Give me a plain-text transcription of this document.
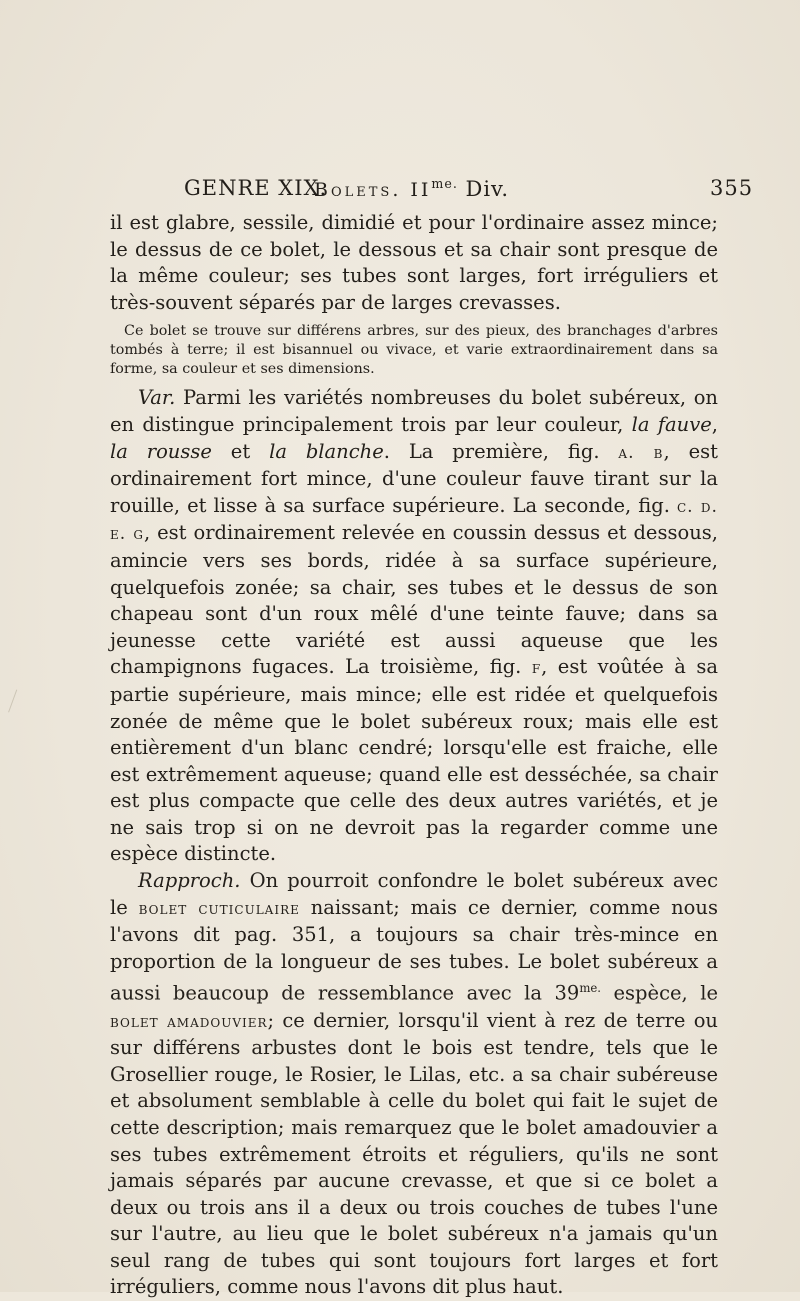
GENRE XIX.
Bolets. $II^{me.}$ Div.	355

il est glabre, sessile, dimidié et pour l'ordinaire assez mince; le dessus de ce bolet, le dessous et sa chair sont presque de la même couleur; ses tubes sont larges, fort irréguliers et très-souvent séparés par de larges crevasses.

Ce bolet se trouve sur différens arbres, sur des pieux, des branchages d'arbres tombés à terre; il est bisannuel ou vivace, et varie extraordinairement dans sa forme, sa couleur et ses dimensions.

Var. Parmi les variétés nombreuses du bolet subéreux, on en distingue principalement trois par leur couleur, la fauve, la rousse et la blanche. La première, fig. a. b, est ordinairement fort mince, d'une couleur fauve tirant sur la rouille, et lisse à sa surface supérieure. La seconde, fig. c. d. e. g, est ordinairement relevée en coussin dessus et dessous, amincie vers ses bords, ridée à sa surface supérieure, quelquefois zonée; sa chair, ses tubes et le dessus de son chapeau sont d'un roux mêlé d'une teinte fauve; dans sa jeunesse cette variété est aussi aqueuse que les champignons fugaces. La troisième, fig. f, est voûtée à sa partie supérieure, mais mince; elle est ridée et quelquefois zonée de même que le bolet subéreux roux; mais elle est entièrement d'un blanc cendré; lorsqu'elle est fraiche, elle est extrêmement aqueuse; quand elle est desséchée, sa chair est plus compacte que celle des deux autres variétés, et je ne sais trop si on ne devroit pas la regarder comme une espèce distincte.

Rapproch. On pourroit confondre le bolet subéreux avec le bolet cuticulaire naissant; mais ce dernier, comme nous l'avons dit pag. 351, a toujours sa chair très-mince en proportion de la longueur de ses tubes. Le bolet subéreux a aussi beaucoup de ressemblance avec la $39^{me.}$ espèce, le bolet amadouvier; ce dernier, lorsqu'il vient à rez de terre ou sur différens arbustes dont le bois est tendre, tels que le Grosellier rouge, le Rosier, le Lilas, etc. a sa chair subéreuse et absolument semblable à celle du bolet qui fait le sujet de cette description; mais remarquez que le bolet amadouvier a ses tubes extrêmement étroits et réguliers, qu'ils ne sont jamais séparés par aucune crevasse, et que si ce bolet a deux ou trois ans il a deux ou trois couches de tubes l'une sur l'autre, au lieu que le bolet subéreux n'a jamais qu'un seul rang de tubes qui sont toujours fort larges et fort irréguliers, comme nous l'avons dit plus haut.
